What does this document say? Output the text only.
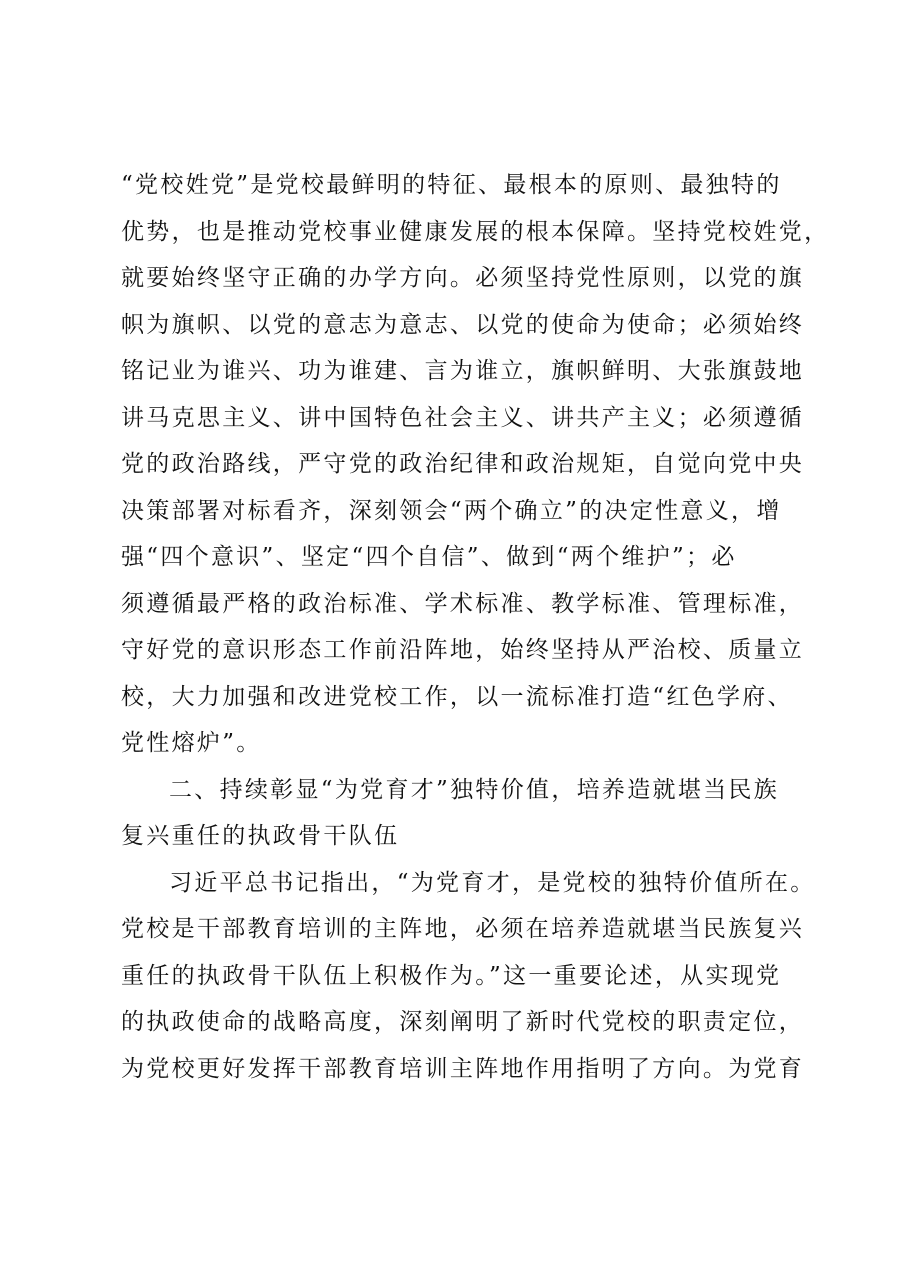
“党校姓党”是党校最鲜明的特征、最根本的原则、最独特的
优势，也是推动党校事业健康发展的根本保障。坚持党校姓党，
就要始终坚守正确的办学方向。必须坚持党性原则，以党的旗
帜为旗帜、以党的意志为意志、以党的使命为使命；必须始终
铭记业为谁兴、功为谁建、言为谁立，旗帜鲜明、大张旗鼓地
讲马克思主义、讲中国特色社会主义、讲共产主义；必须遵循
党的政治路线，严守党的政治纪律和政治规矩，自觉向党中央
决策部署对标看齐，深刻领会“两个确立”的决定性意义，增
强“四个意识”、坚定“四个自信”、做到“两个维护”；必
须遵循最严格的政治标准、学术标准、教学标准、管理标准，
守好党的意识形态工作前沿阵地，始终坚持从严治校、质量立
校，大力加强和改进党校工作，以一流标准打造“红色学府、
党性熔炉”。
二、持续彰显“为党育才”独特价值，培养造就堪当民族
复兴重任的执政骨干队伍
习近平总书记指出，“为党育才，是党校的独特价值所在。
党校是干部教育培训的主阵地，必须在培养造就堪当民族复兴
重任的执政骨干队伍上积极作为。”这一重要论述，从实现党
的执政使命的战略高度，深刻阐明了新时代党校的职责定位，
为党校更好发挥干部教育培训主阵地作用指明了方向。为党育
